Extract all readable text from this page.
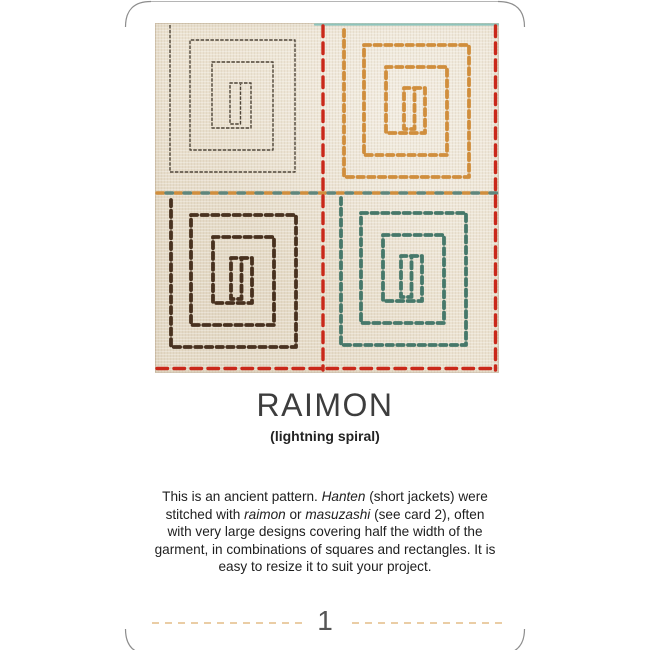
RAIMON
(lightning spiral)

This is an ancient pattern. Hanten (short jackets) were stitched with raimon or masuzashi (see card 2), often with very large designs covering half the width of the garment, in combinations of squares and rectangles. It is easy to resize it to suit your project.

1
